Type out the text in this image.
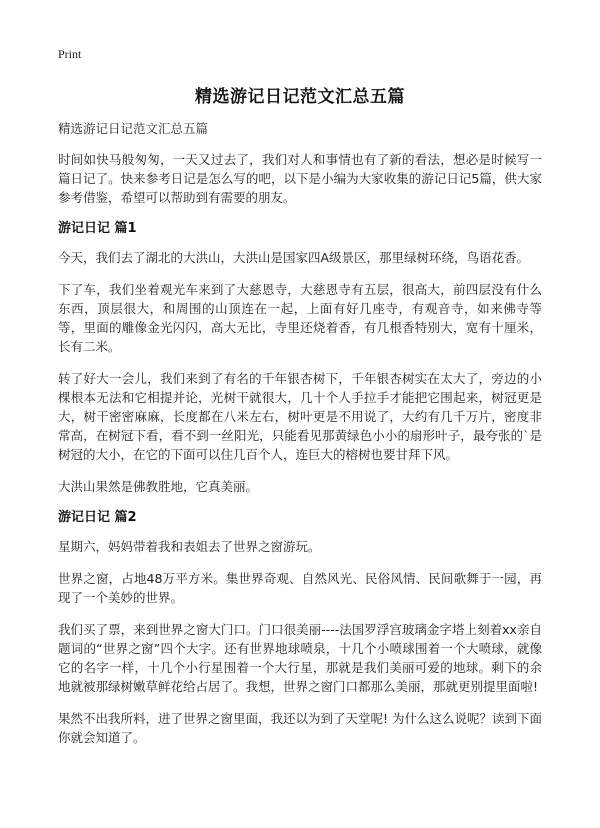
Print
精选游记日记范文汇总五篇
精选游记日记范文汇总五篇

时间如快马般匆匆，一天又过去了，我们对人和事情也有了新的看法，想必是时候写一篇日记了。快来参考日记是怎么写的吧，以下是小编为大家收集的游记日记5篇，供大家参考借鉴，希望可以帮助到有需要的朋友。

游记日记 篇1

今天，我们去了湖北的大洪山，大洪山是国家四A级景区，那里绿树环绕，鸟语花香。

下了车，我们坐着观光车来到了大慈恩寺，大慈恩寺有五层，很高大，前四层没有什么东西，顶层很大，和周围的山顶连在一起，上面有好几座寺，有观音寺，如来佛寺等等，里面的雕像金光闪闪，高大无比，寺里还烧着香，有几根香特别大，宽有十厘米，长有二米。

转了好大一会儿，我们来到了有名的千年银杏树下，千年银杏树实在太大了，旁边的小棵根本无法和它相提并论，光树干就很大，几十个人手拉手才能把它围起来，树冠更是大，树干密密麻麻，长度都在八米左右，树叶更是不用说了，大约有几千万片，密度非常高，在树冠下看，看不到一丝阳光，只能看见那黄绿色小小的扇形叶子，最夸张的`是树冠的大小，在它的下面可以住几百个人，连巨大的榕树也要甘拜下风。

大洪山果然是佛教胜地，它真美丽。

游记日记 篇2

星期六，妈妈带着我和表姐去了世界之窗游玩。

世界之窗，占地48万平方米。集世界奇观、自然风光、民俗风情、民间歌舞于一园，再现了一个美妙的世界。

我们买了票，来到世界之窗大门口。门口很美丽----法国罗浮宫玻璃金字塔上刻着xx亲自题词的“世界之窗”四个大字。还有世界地球喷泉，十几个小喷球围着一个大喷球，就像它的名字一样，十几个小行星围着一个大行星，那就是我们美丽可爱的地球。剩下的余地就被那绿树嫩草鲜花给占居了。我想，世界之窗门口都那么美丽，那就更别提里面啦!

果然不出我所料，进了世界之窗里面，我还以为到了天堂呢! 为什么这么说呢？读到下面你就会知道了。
